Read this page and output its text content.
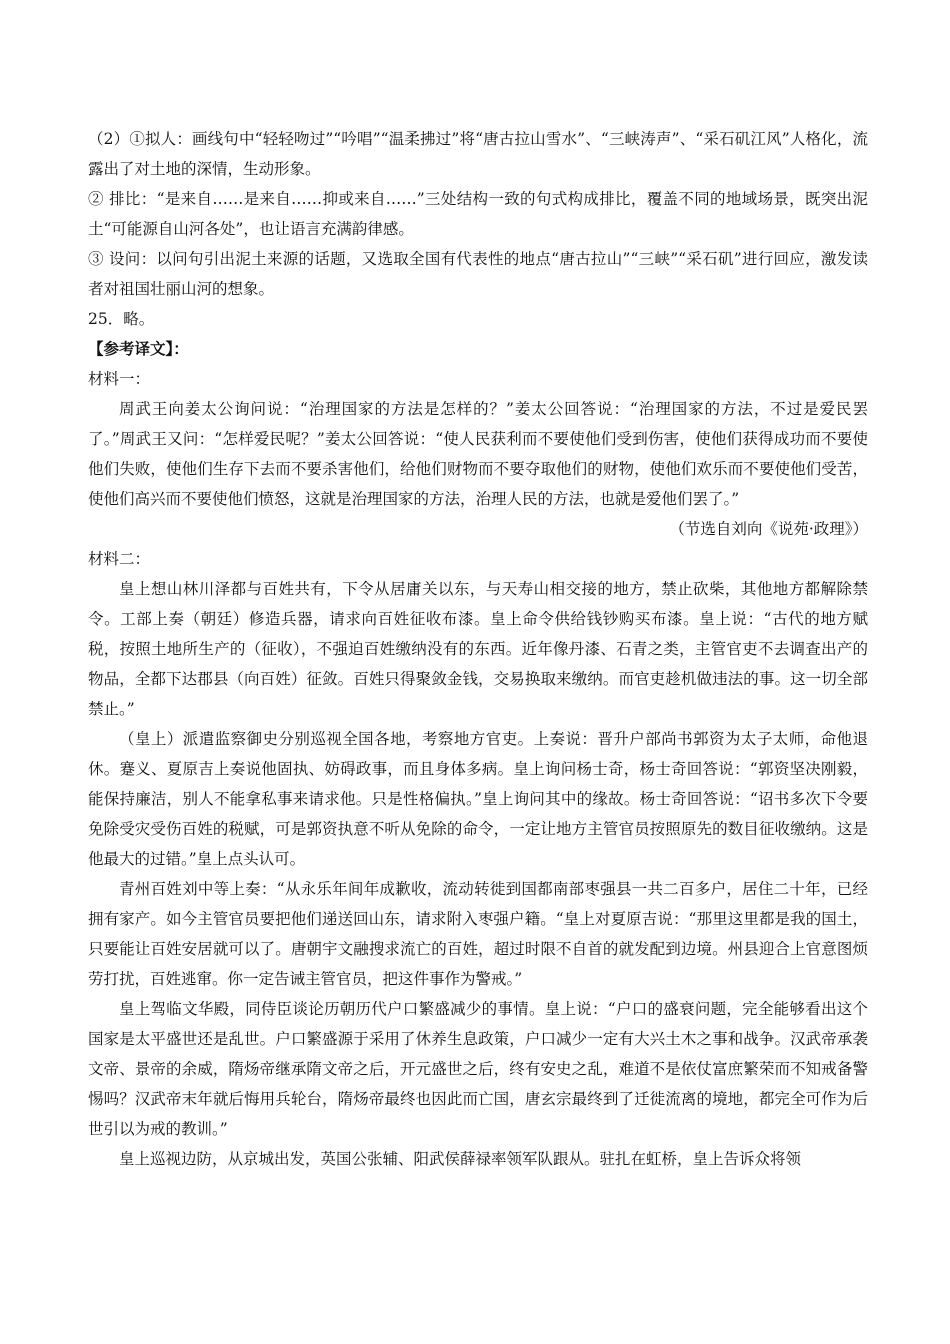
（2）①拟人：画线句中“轻轻吻过”“吟唱”“温柔拂过”将“唐古拉山雪水”、“三峡涛声”、“采石矶江风”人格化，流露出了对土地的深情，生动形象。

② 排比：“是来自……是来自……抑或来自……”三处结构一致的句式构成排比，覆盖不同的地域场景，既突出泥土“可能源自山河各处”，也让语言充满韵律感。

③ 设问：以问句引出泥土来源的话题，又选取全国有代表性的地点“唐古拉山”“三峡”“采石矶”进行回应，激发读者对祖国壮丽山河的想象。

25．略。

【参考译文】：

材料一：

周武王向姜太公询问说：“治理国家的方法是怎样的？”姜太公回答说：“治理国家的方法，不过是爱民罢了。”周武王又问：“怎样爱民呢？”姜太公回答说：“使人民获利而不要使他们受到伤害，使他们获得成功而不要使他们失败，使他们生存下去而不要杀害他们，给他们财物而不要夺取他们的财物，使他们欢乐而不要使他们受苦，使他们高兴而不要使他们愤怒，这就是治理国家的方法，治理人民的方法，也就是爱他们罢了。”

（节选自刘向《说苑·政理》）

材料二：

皇上想山林川泽都与百姓共有，下令从居庸关以东，与天寿山相交接的地方，禁止砍柴，其他地方都解除禁令。工部上奏（朝廷）修造兵器，请求向百姓征收布漆。皇上命令供给钱钞购买布漆。皇上说：“古代的地方赋税，按照土地所生产的（征收），不强迫百姓缴纳没有的东西。近年像丹漆、石青之类，主管官吏不去调查出产的物品，全都下达郡县（向百姓）征敛。百姓只得聚敛金钱，交易换取来缴纳。而官吏趁机做违法的事。这一切全部禁止。”

（皇上）派遣监察御史分别巡视全国各地，考察地方官吏。上奏说：晋升户部尚书郭资为太子太师，命他退休。蹇义、夏原吉上奏说他固执、妨碍政事，而且身体多病。皇上询问杨士奇，杨士奇回答说：“郭资坚决刚毅，能保持廉洁，别人不能拿私事来请求他。只是性格偏执。”皇上询问其中的缘故。杨士奇回答说：“诏书多次下令要免除受灾受伤百姓的税赋，可是郭资执意不听从免除的命令，一定让地方主管官员按照原先的数目征收缴纳。这是他最大的过错。”皇上点头认可。

青州百姓刘中等上奏：“从永乐年间年成歉收，流动转徙到国都南部枣强县一共二百多户，居住二十年，已经拥有家产。如今主管官员要把他们递送回山东，请求附入枣强户籍。“皇上对夏原吉说：“那里这里都是我的国土，只要能让百姓安居就可以了。唐朝宇文融搜求流亡的百姓，超过时限不自首的就发配到边境。州县迎合上官意图烦劳打扰，百姓逃窜。你一定告诫主管官员，把这件事作为警戒。”

皇上驾临文华殿，同侍臣谈论历朝历代户口繁盛减少的事情。皇上说：“户口的盛衰问题，完全能够看出这个国家是太平盛世还是乱世。户口繁盛源于采用了休养生息政策，户口减少一定有大兴土木之事和战争。汉武帝承袭文帝、景帝的余威，隋炀帝继承隋文帝之后，开元盛世之后，终有安史之乱，难道不是依仗富庶繁荣而不知戒备警惕吗？汉武帝末年就后悔用兵轮台，隋炀帝最终也因此而亡国，唐玄宗最终到了迁徙流离的境地，都完全可作为后世引以为戒的教训。”

皇上巡视边防，从京城出发，英国公张辅、阳武侯薛禄率领军队跟从。驻扎在虹桥，皇上告诉众将领
